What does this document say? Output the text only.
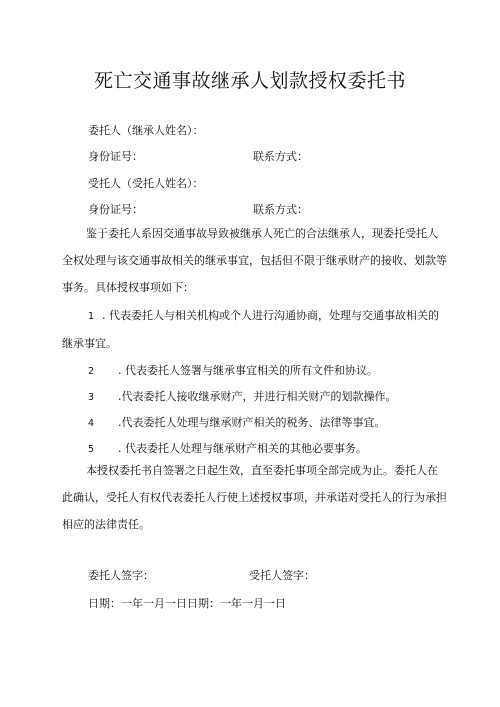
死亡交通事故继承人划款授权委托书
委托人（继承人姓名）：
身份证号：	联系方式：
受托人（受托人姓名）：
身份证号：	联系方式：
鉴于委托人系因交通事故导致被继承人死亡的合法继承人，现委托受托人全权处理与该交通事故相关的继承事宜，包括但不限于继承财产的接收、划款等事务。具体授权事项如下：
1 . 代表委托人与相关机构或个人进行沟通协商，处理与交通事故相关的继承事宜。
2 . 代表委托人签署与继承事宜相关的所有文件和协议。
3 .代表委托人接收继承财产，并进行相关财产的划款操作。
4 .代表委托人处理与继承财产相关的税务、法律等事宜。
5 . 代表委托人处理与继承财产相关的其他必要事务。
本授权委托书自签署之日起生效，直至委托事项全部完成为止。委托人在此确认，受托人有权代表委托人行使上述授权事项，并承诺对受托人的行为承担相应的法律责任。
委托人签字：	受托人签字：
日期：一年一月一日日期：一年一月一日
